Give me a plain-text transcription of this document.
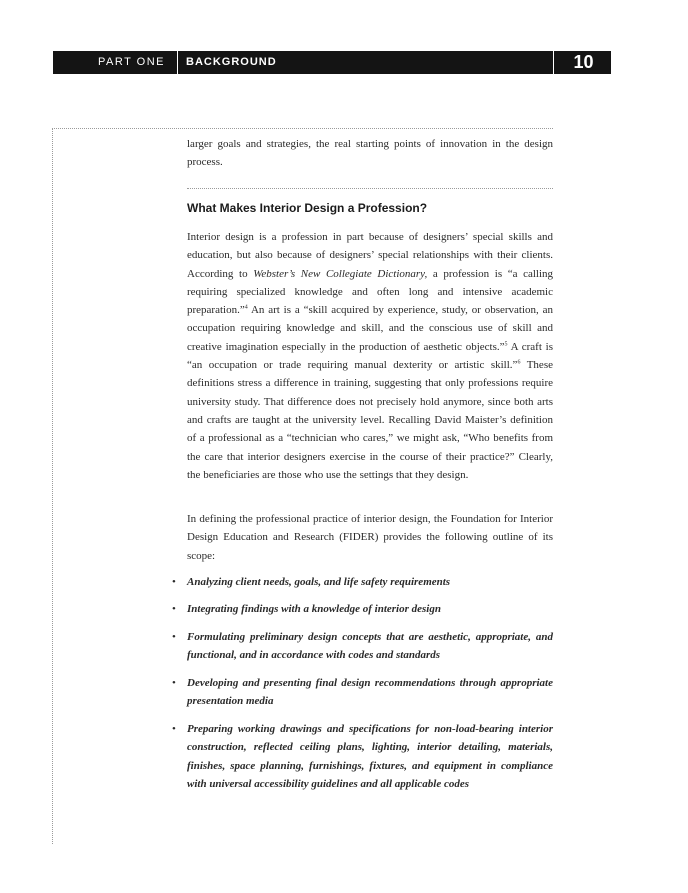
PART ONE	BACKGROUND	10

larger goals and strategies, the real starting points of innovation in the design process.

What Makes Interior Design a Profession?

Interior design is a profession in part because of designers’ special skills and education, but also because of designers’ special relationships with their clients. According to Webster’s New Collegiate Dictionary, a profession is “a calling requiring specialized knowledge and often long and intensive academic preparation.”$^4$ An art is a “skill acquired by experience, study, or observation, an occupation requiring knowledge and skill, and the conscious use of skill and creative imagination especially in the production of aesthetic objects.”$^5$ A craft is “an occupation or trade requiring manual dexterity or artistic skill.”$^6$ These definitions stress a difference in training, suggesting that only professions require university study. That difference does not precisely hold anymore, since both arts and crafts are taught at the university level. Recalling David Maister’s definition of a professional as a “technician who cares,” we might ask, “Who benefits from the care that interior designers exercise in the course of their practice?” Clearly, the beneficiaries are those who use the settings that they design.

In defining the professional practice of interior design, the Foundation for Interior Design Education and Research (FIDER) provides the following outline of its scope:

• Analyzing client needs, goals, and life safety requirements

• Integrating findings with a knowledge of interior design

• Formulating preliminary design concepts that are aesthetic, appropriate, and functional, and in accordance with codes and standards

• Developing and presenting final design recommendations through appropriate presentation media

• Preparing working drawings and specifications for non-load-bearing interior construction, reflected ceiling plans, lighting, interior detailing, materials, finishes, space planning, furnishings, fixtures, and equipment in compliance with universal accessibility guidelines and all applicable codes
